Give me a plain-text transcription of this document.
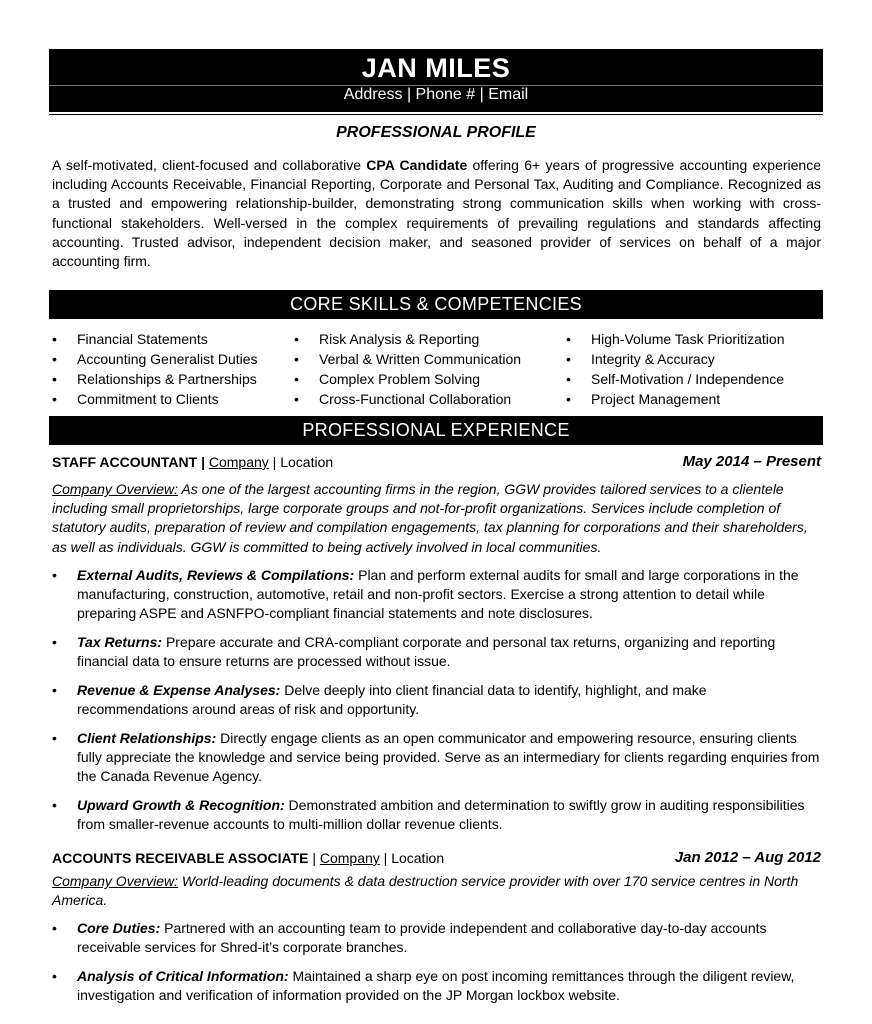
JAN MILES
Address | Phone # | Email
PROFESSIONAL PROFILE
A self-motivated, client-focused and collaborative CPA Candidate offering 6+ years of progressive accounting experience including Accounts Receivable, Financial Reporting, Corporate and Personal Tax, Auditing and Compliance. Recognized as a trusted and empowering relationship-builder, demonstrating strong communication skills when working with cross-functional stakeholders. Well-versed in the complex requirements of prevailing regulations and standards affecting accounting. Trusted advisor, independent decision maker, and seasoned provider of services on behalf of a major accounting firm.
CORE SKILLS & COMPETENCIES
• Financial Statements
• Accounting Generalist Duties
• Relationships & Partnerships
• Commitment to Clients
• Risk Analysis & Reporting
• Verbal & Written Communication
• Complex Problem Solving
• Cross-Functional Collaboration
• High-Volume Task Prioritization
• Integrity & Accuracy
• Self-Motivation / Independence
• Project Management
PROFESSIONAL EXPERIENCE
STAFF ACCOUNTANT | Company | Location	May 2014 – Present
Company Overview: As one of the largest accounting firms in the region, GGW provides tailored services to a clientele including small proprietorships, large corporate groups and not-for-profit organizations. Services include completion of statutory audits, preparation of review and compilation engagements, tax planning for corporations and their shareholders, as well as individuals. GGW is committed to being actively involved in local communities.
• External Audits, Reviews & Compilations: Plan and perform external audits for small and large corporations in the manufacturing, construction, automotive, retail and non-profit sectors. Exercise a strong attention to detail while preparing ASPE and ASNFPO-compliant financial statements and note disclosures.
• Tax Returns: Prepare accurate and CRA-compliant corporate and personal tax returns, organizing and reporting financial data to ensure returns are processed without issue.
• Revenue & Expense Analyses: Delve deeply into client financial data to identify, highlight, and make recommendations around areas of risk and opportunity.
• Client Relationships: Directly engage clients as an open communicator and empowering resource, ensuring clients fully appreciate the knowledge and service being provided. Serve as an intermediary for clients regarding enquiries from the Canada Revenue Agency.
• Upward Growth & Recognition: Demonstrated ambition and determination to swiftly grow in auditing responsibilities from smaller-revenue accounts to multi-million dollar revenue clients.
ACCOUNTS RECEIVABLE ASSOCIATE | Company | Location	Jan 2012 – Aug 2012
Company Overview: World-leading documents & data destruction service provider with over 170 service centres in North America.
• Core Duties: Partnered with an accounting team to provide independent and collaborative day-to-day accounts receivable services for Shred-it’s corporate branches.
• Analysis of Critical Information: Maintained a sharp eye on post incoming remittances through the diligent review, investigation and verification of information provided on the JP Morgan lockbox website.
